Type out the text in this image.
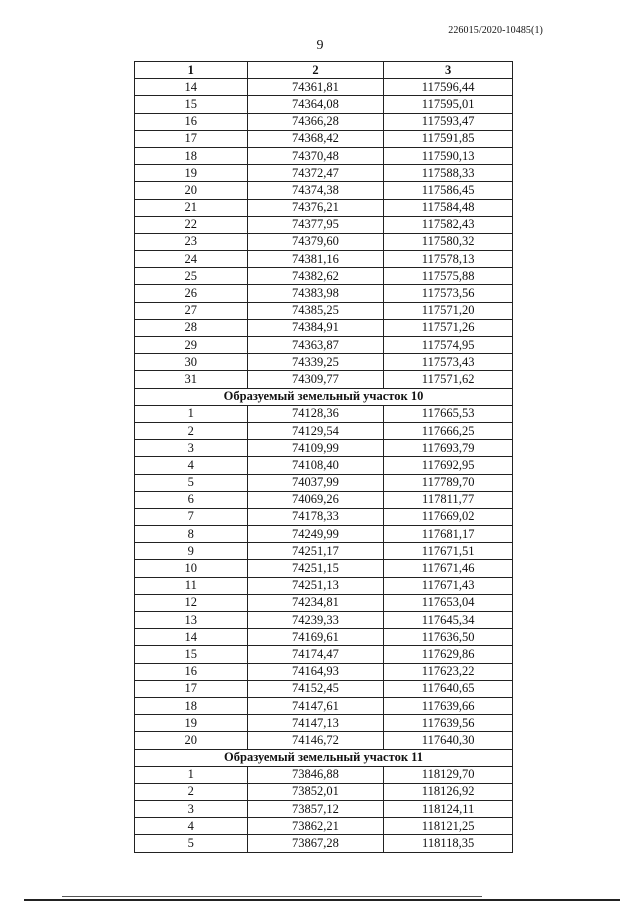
226015/2020-10485(1)
9
1	2	3
14	74361,81	117596,44
15	74364,08	117595,01
16	74366,28	117593,47
17	74368,42	117591,85
18	74370,48	117590,13
19	74372,47	117588,33
20	74374,38	117586,45
21	74376,21	117584,48
22	74377,95	117582,43
23	74379,60	117580,32
24	74381,16	117578,13
25	74382,62	117575,88
26	74383,98	117573,56
27	74385,25	117571,20
28	74384,91	117571,26
29	74363,87	117574,95
30	74339,25	117573,43
31	74309,77	117571,62
Образуемый земельный участок 10		
1	74128,36	117665,53
2	74129,54	117666,25
3	74109,99	117693,79
4	74108,40	117692,95
5	74037,99	117789,70
6	74069,26	117811,77
7	74178,33	117669,02
8	74249,99	117681,17
9	74251,17	117671,51
10	74251,15	117671,46
11	74251,13	117671,43
12	74234,81	117653,04
13	74239,33	117645,34
14	74169,61	117636,50
15	74174,47	117629,86
16	74164,93	117623,22
17	74152,45	117640,65
18	74147,61	117639,66
19	74147,13	117639,56
20	74146,72	117640,30
Образуемый земельный участок 11		
1	73846,88	118129,70
2	73852,01	118126,92
3	73857,12	118124,11
4	73862,21	118121,25
5	73867,28	118118,35
